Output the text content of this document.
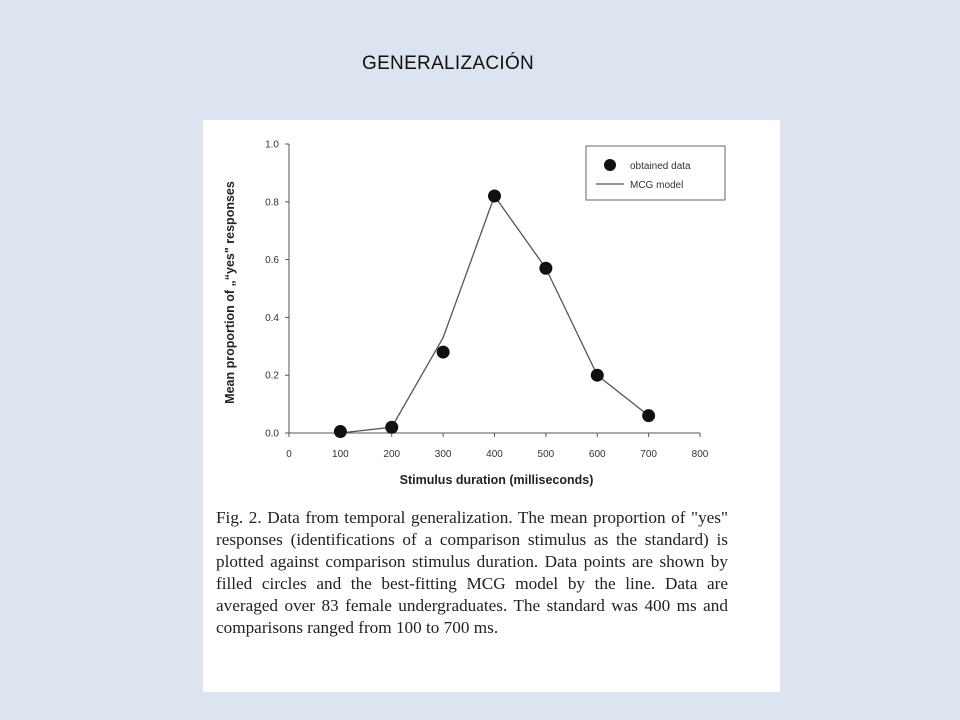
GENERALIZACIÓN
0.0
0.2
0.4
0.6
0.8
1.0
0	100	200	300	400	500	600	700	800
Stimulus duration (milliseconds)
Mean proportion of „“yes" responses
obtained data
MCG model
Fig. 2. Data from temporal generalization. The mean proportion of "yes" responses (identifications of a comparison stimulus as the standard) is plotted against comparison stimulus duration. Data points are shown by filled circles and the best-fitting MCG model by the line. Data are averaged over 83 female undergraduates. The standard was 400 ms and comparisons ranged from 100 to 700 ms.
